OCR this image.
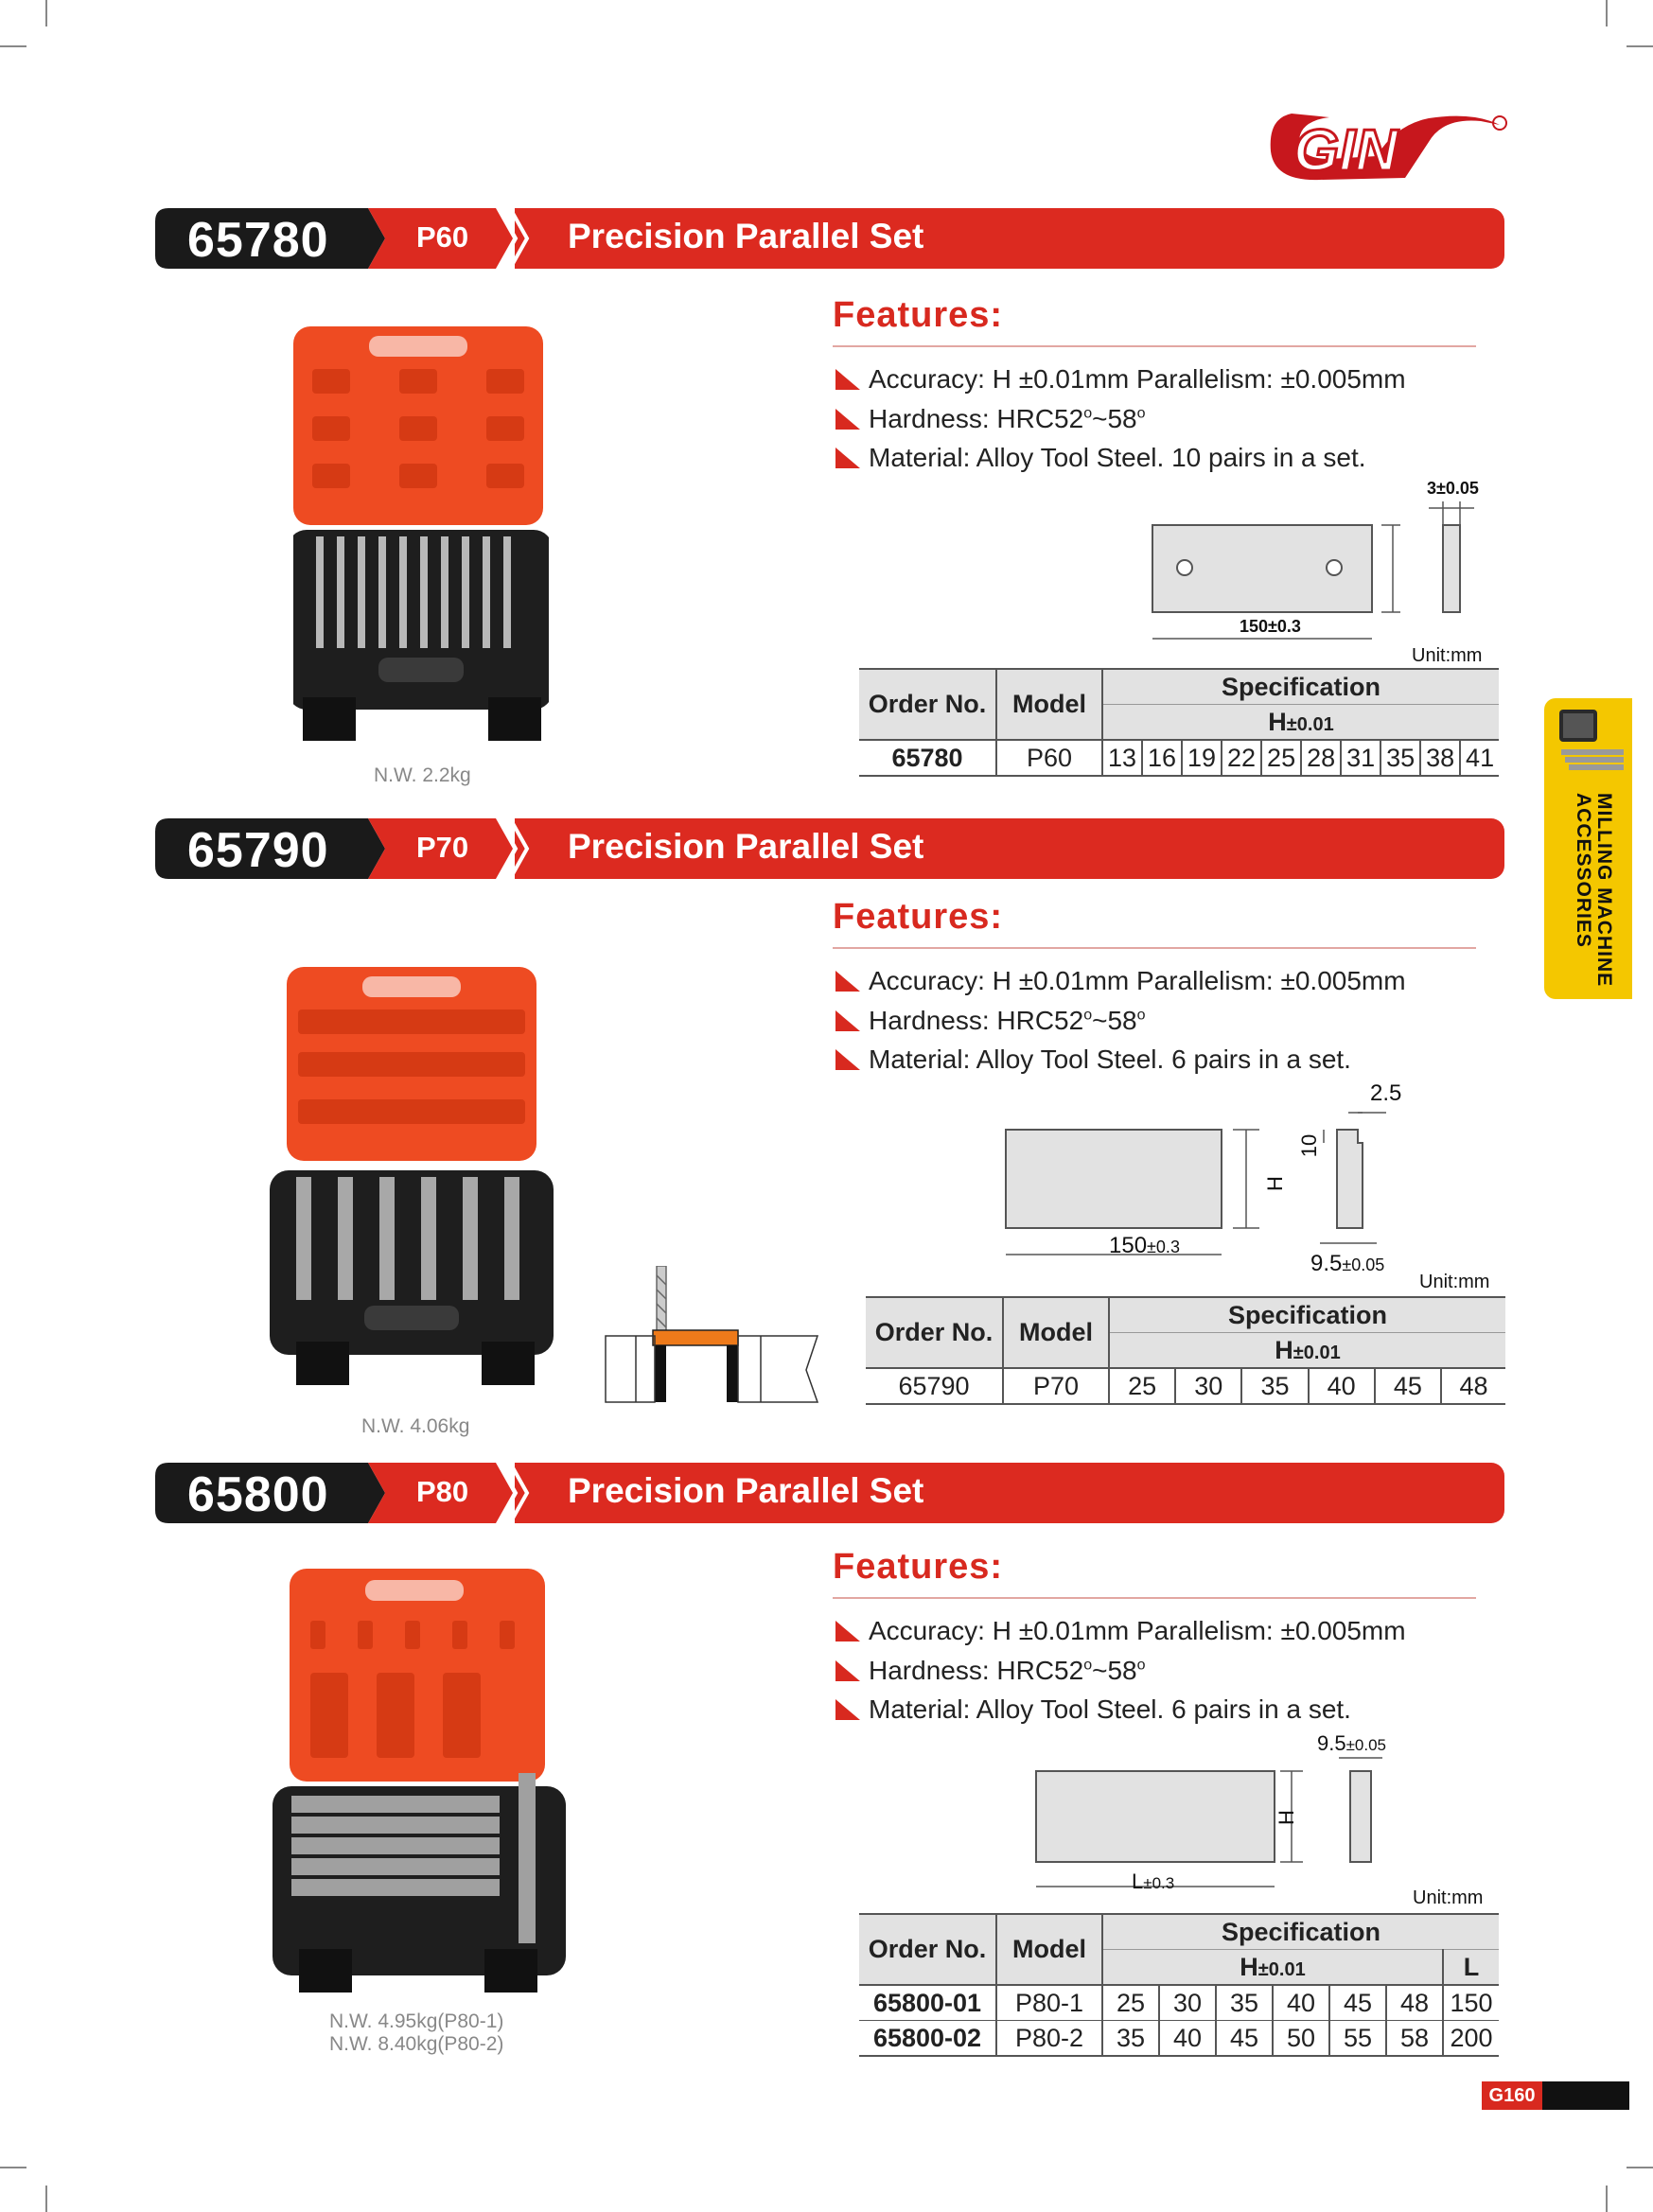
GIN
MILLING MACHINE
ACCESSORIES
G160
65780	P60	Precision Parallel Set
N.W. 2.2kg
Features:
Accuracy: H ±0.01mm Parallelism: ±0.005mm
Hardness: HRC52$^o$~58$^o$
Material: Alloy Tool Steel. 10 pairs in a set.
3±0.05
150±0.3
Unit:mm
Order No.	Model	Specification									
		H±0.01									
65780	P60	13	16	19	22	25	28	31	35	38	41
65790	P70	Precision Parallel Set
N.W. 4.06kg
Features:
Accuracy: H ±0.01mm Parallelism: ±0.005mm
Hardness: HRC52$^o$~58$^o$
Material: Alloy Tool Steel. 6 pairs in a set.
2.5
10
H
150±0.3
9.5±0.05
Unit:mm
Order No.	Model	Specification					
		H±0.01					
65790	P70	25	30	35	40	45	48
65800	P80	Precision Parallel Set
N.W. 4.95kg(P80-1)
N.W. 8.40kg(P80-2)
Features:
Accuracy: H ±0.01mm Parallelism: ±0.005mm
Hardness: HRC52$^o$~58$^o$
Material: Alloy Tool Steel. 6 pairs in a set.
9.5±0.05
H
L±0.3
Unit:mm
Order No.	Model	Specification						
		H±0.01						L
65800-01	P80-1	25	30	35	40	45	48	150
65800-02	P80-2	35	40	45	50	55	58	200
